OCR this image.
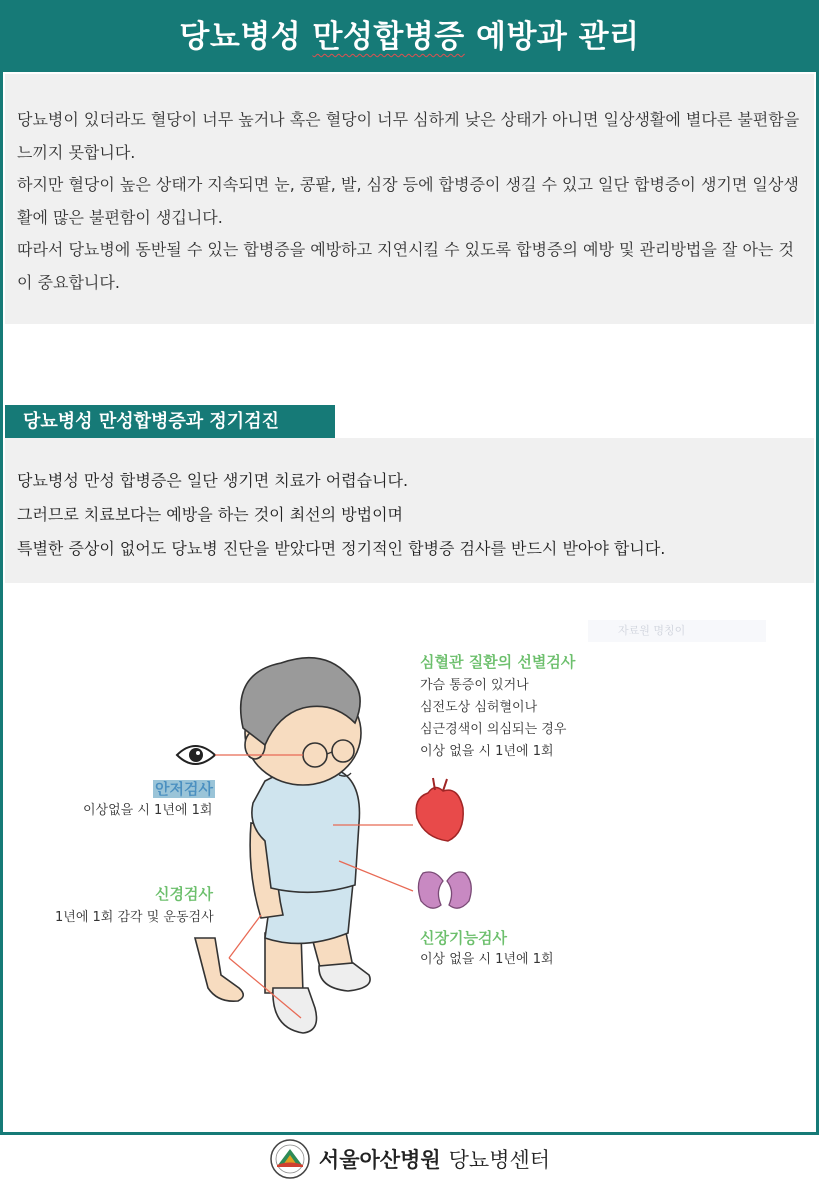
당뇨병성 만성합병증 예방과 관리

당뇨병이 있더라도 혈당이 너무 높거나 혹은 혈당이 너무 심하게 낮은 상태가 아니면 일상생활에 별다른 불편함을 느끼지 못합니다.

하지만 혈당이 높은 상태가 지속되면 눈, 콩팥, 발, 심장 등에 합병증이 생길 수 있고 일단 합병증이 생기면 일상생활에 많은 불편함이 생깁니다.

따라서 당뇨병에 동반될 수 있는 합병증을 예방하고 지연시킬 수 있도록 합병증의 예방 및 관리방법을 잘 아는 것이 중요합니다.

당뇨병성 만성합병증과 정기검진

당뇨병성 만성 합병증은 일단 생기면 치료가 어렵습니다.

그러므로 치료보다는 예방을 하는 것이 최선의 방법이며

특별한 증상이 없어도 당뇨병 진단을 받았다면 정기적인 합병증 검사를 반드시 받아야 합니다.

자료원 명칭이
심혈관 질환의 선별검사
가슴 통증이 있거나
심전도상 심허혈이나
심근경색이 의심되는 경우
이상 없을 시 1년에 1회
안저검사
이상없을 시 1년에 1회
신경검사
1년에 1회 감각 및 운동검사
신장기능검사
이상 없을 시 1년에 1회
서울아산병원 당뇨병센터
